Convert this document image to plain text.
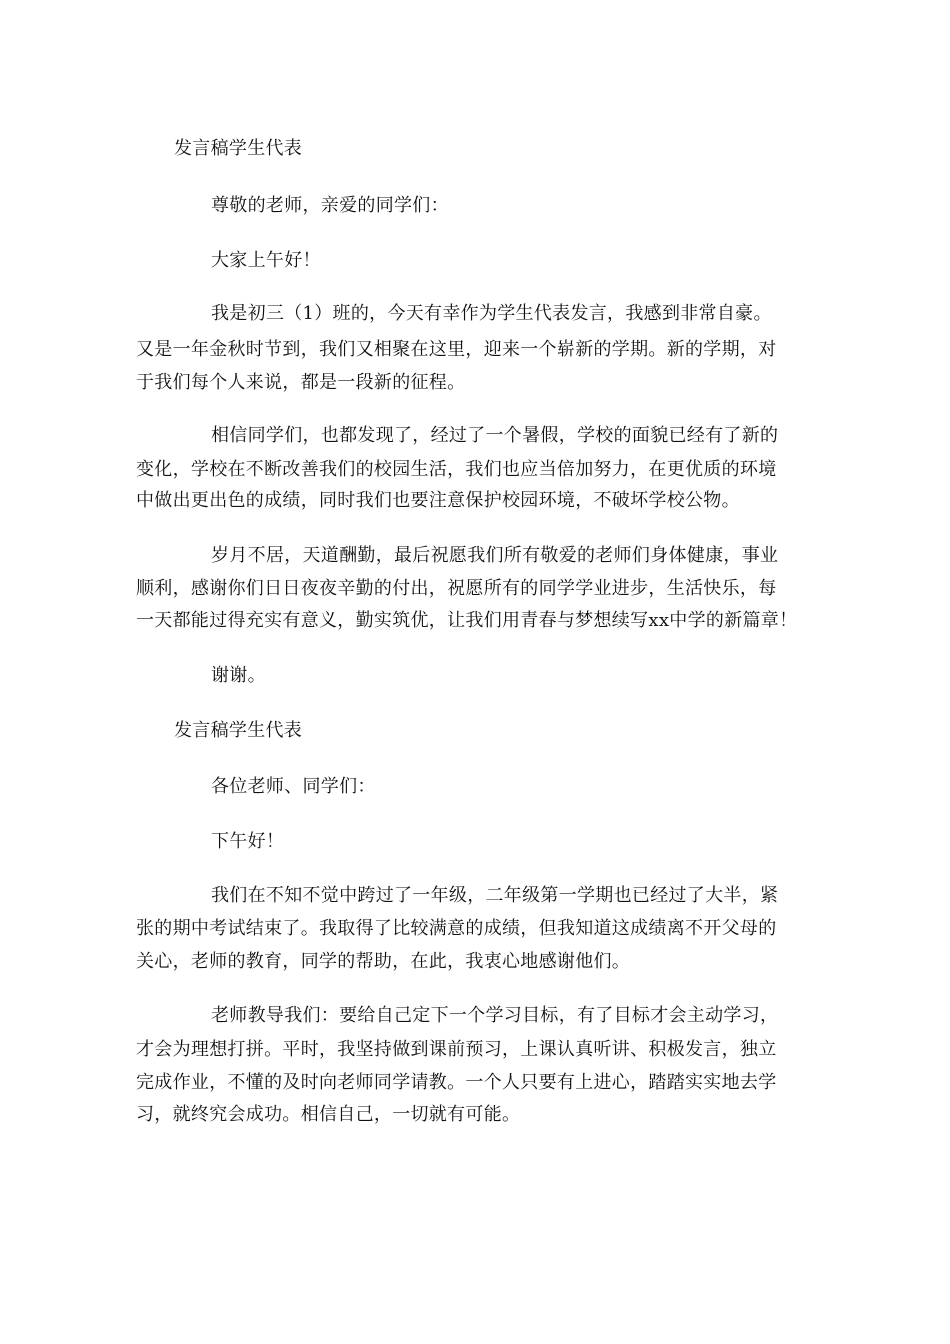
发言稿学生代表
尊敬的老师，亲爱的同学们：
大家上午好！
我是初三（1）班的，今天有幸作为学生代表发言，我感到非常自豪。
又是一年金秋时节到，我们又相聚在这里，迎来一个崭新的学期。新的学期，对
于我们每个人来说，都是一段新的征程。
相信同学们，也都发现了，经过了一个暑假，学校的面貌已经有了新的
变化，学校在不断改善我们的校园生活，我们也应当倍加努力，在更优质的环境
中做出更出色的成绩，同时我们也要注意保护校园环境，不破坏学校公物。
岁月不居，天道酬勤，最后祝愿我们所有敬爱的老师们身体健康，事业
顺利，感谢你们日日夜夜辛勤的付出，祝愿所有的同学学业进步，生活快乐，每
一天都能过得充实有意义，勤实筑优，让我们用青春与梦想续写xx中学的新篇章！
谢谢。
发言稿学生代表
各位老师、同学们：
下午好！
我们在不知不觉中跨过了一年级，二年级第一学期也已经过了大半，紧
张的期中考试结束了。我取得了比较满意的成绩，但我知道这成绩离不开父母的
关心，老师的教育，同学的帮助，在此，我衷心地感谢他们。
老师教导我们：要给自己定下一个学习目标，有了目标才会主动学习，
才会为理想打拼。平时，我坚持做到课前预习，上课认真听讲、积极发言，独立
完成作业，不懂的及时向老师同学请教。一个人只要有上进心，踏踏实实地去学
习，就终究会成功。相信自己，一切就有可能。
